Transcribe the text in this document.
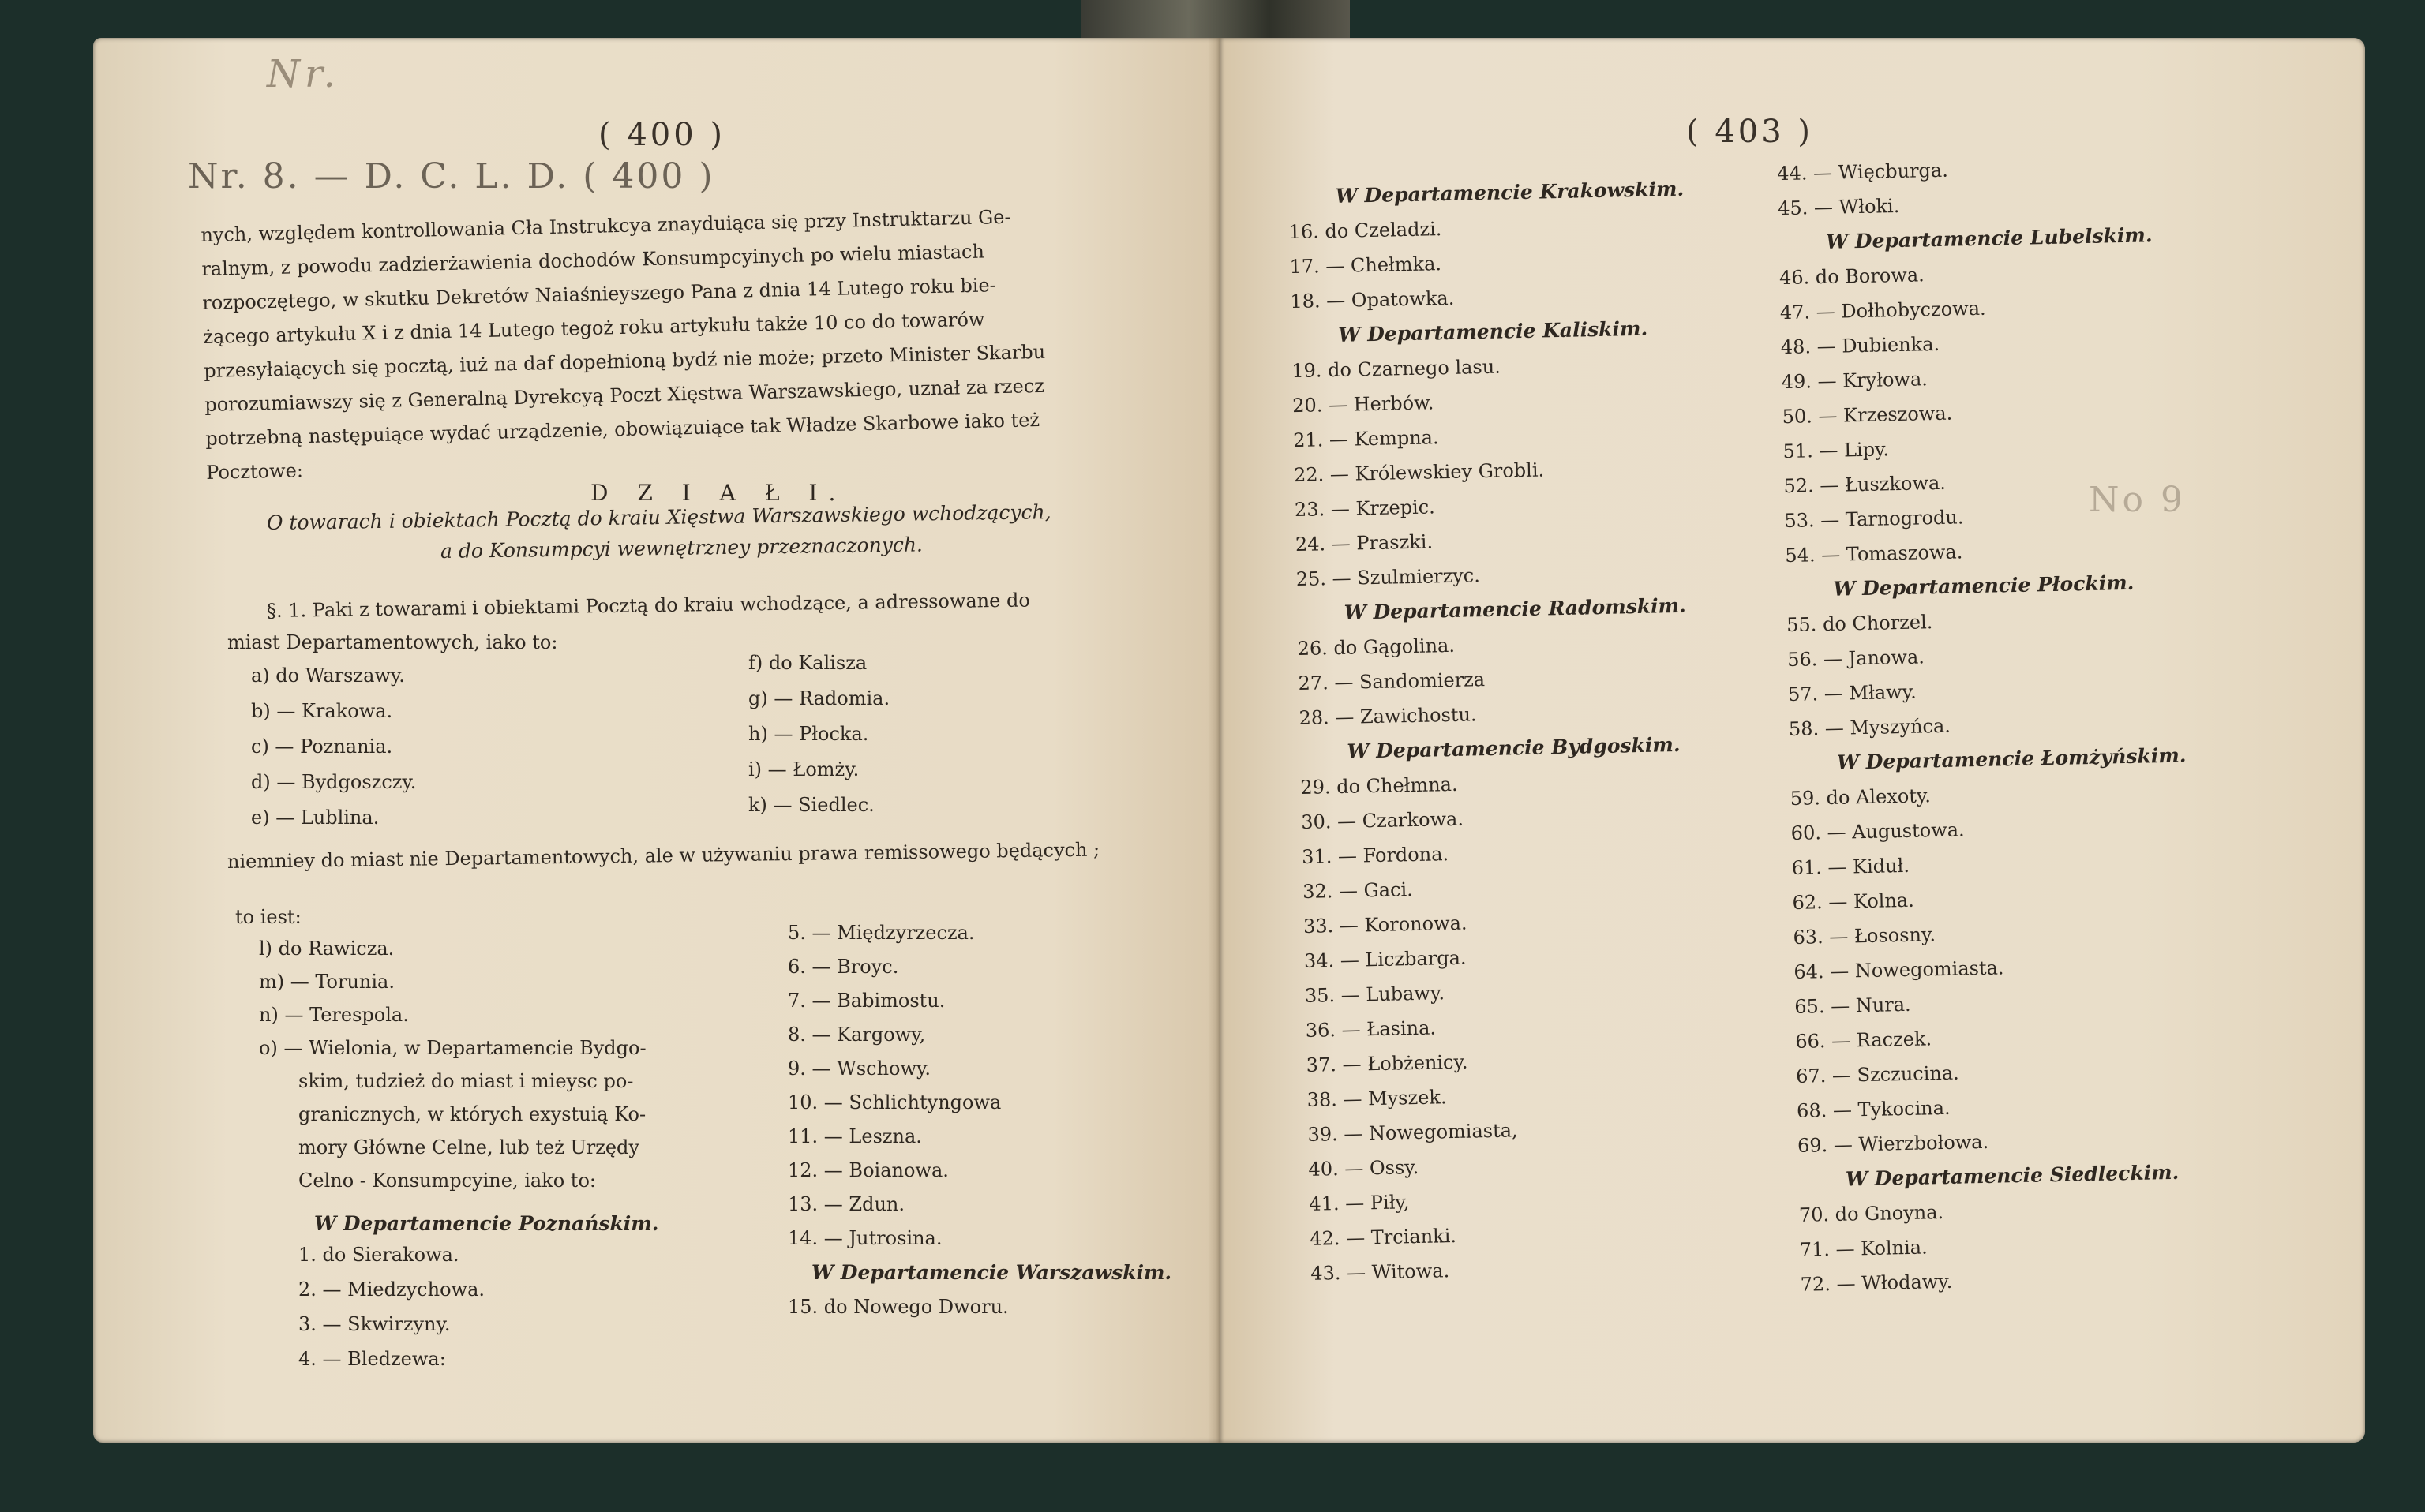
Nr.
( 400 )
Nr. 8. — D. C. L. D. ( 400 )
nych, względem kontrollowania Cła Instrukcya znayduiąca się przy Instruktarzu Ge-
ralnym, z powodu zadzierżawienia dochodów Konsumpcyinych po wielu miastach
rozpoczętego, w skutku Dekretów Naiaśnieyszego Pana z dnia 14 Lutego roku bie-
żącego artykułu X i z dnia 14 Lutego tegoż roku artykułu także 10 co do towarów
przesyłaiących się pocztą, iuż na daf dopełnioną bydź nie może; przeto Minister Skarbu
porozumiawszy się z Generalną Dyrekcyą Poczt Xięstwa Warszawskiego, uznał za rzecz
potrzebną następuiące wydać urządzenie, obowiązuiące tak Władze Skarbowe iako też
Pocztowe:
D Z I A Ł I.
O towarach i obiektach Pocztą do kraiu Xięstwa Warszawskiego wchodzących,
a do Konsumpcyi wewnętrzney przeznaczonych.
§. 1. Paki z towarami i obiektami Pocztą do kraiu wchodzące, a adressowane do
miast Departamentowych, iako to:
a) do Warszawy.
b) — Krakowa.
c) — Poznania.
d) — Bydgoszczy.
e) — Lublina.
f) do Kalisza
g) — Radomia.
h) — Płocka.
i) — Łomży.
k) — Siedlec.
niemniey do miast nie Departamentowych, ale w używaniu prawa remissowego będących ;
to iest:
l) do Rawicza.
m) — Torunia.
n) — Terespola.
o) — Wielonia, w Departamencie Bydgo-
skim, tudzież do miast i mieysc po-
granicznych, w których exystuią Ko-
mory Główne Celne, lub też Urzędy
Celno - Konsumpcyine, iako to:
W Departamencie Poznańskim.
1. do Sierakowa.
2. — Miedzychowa.
3. — Skwirzyny.
4. — Bledzewa:
5. — Międzyrzecza.
6. — Broyc.
7. — Babimostu.
8. — Kargowy,
9. — Wschowy.
10. — Schlichtyngowa
11. — Leszna.
12. — Boianowa.
13. — Zdun.
14. — Jutrosina.
W Departamencie Warszawskim.
15. do Nowego Dworu.
No 9
( 403 )
W Departamencie Krakowskim.
16. do Czeladzi.
17. — Chełmka.
18. — Opatowka.
W Departamencie Kaliskim.
19. do Czarnego lasu.
20. — Herbów.
21. — Kempna.
22. — Królewskiey Grobli.
23. — Krzepic.
24. — Praszki.
25. — Szulmierzyc.
W Departamencie Radomskim.
26. do Gągolina.
27. — Sandomierza
28. — Zawichostu.
W Departamencie Bydgoskim.
29. do Chełmna.
30. — Czarkowa.
31. — Fordona.
32. — Gaci.
33. — Koronowa.
34. — Liczbarga.
35. — Lubawy.
36. — Łasina.
37. — Łobżenicy.
38. — Myszek.
39. — Nowegomiasta,
40. — Ossy.
41. — Piły,
42. — Trcianki.
43. — Witowa.
44. — Więcburga.
45. — Włoki.
W Departamencie Lubelskim.
46. do Borowa.
47. — Dołhobyczowa.
48. — Dubienka.
49. — Kryłowa.
50. — Krzeszowa.
51. — Lipy.
52. — Łuszkowa.
53. — Tarnogrodu.
54. — Tomaszowa.
W Departamencie Płockim.
55. do Chorzel.
56. — Janowa.
57. — Mławy.
58. — Myszyńca.
W Departamencie Łomżyńskim.
59. do Alexoty.
60. — Augustowa.
61. — Kiduł.
62. — Kolna.
63. — Łososny.
64. — Nowegomiasta.
65. — Nura.
66. — Raczek.
67. — Szczucina.
68. — Tykocina.
69. — Wierzbołowa.
W Departamencie Siedleckim.
70. do Gnoyna.
71. — Kolnia.
72. — Włodawy.
